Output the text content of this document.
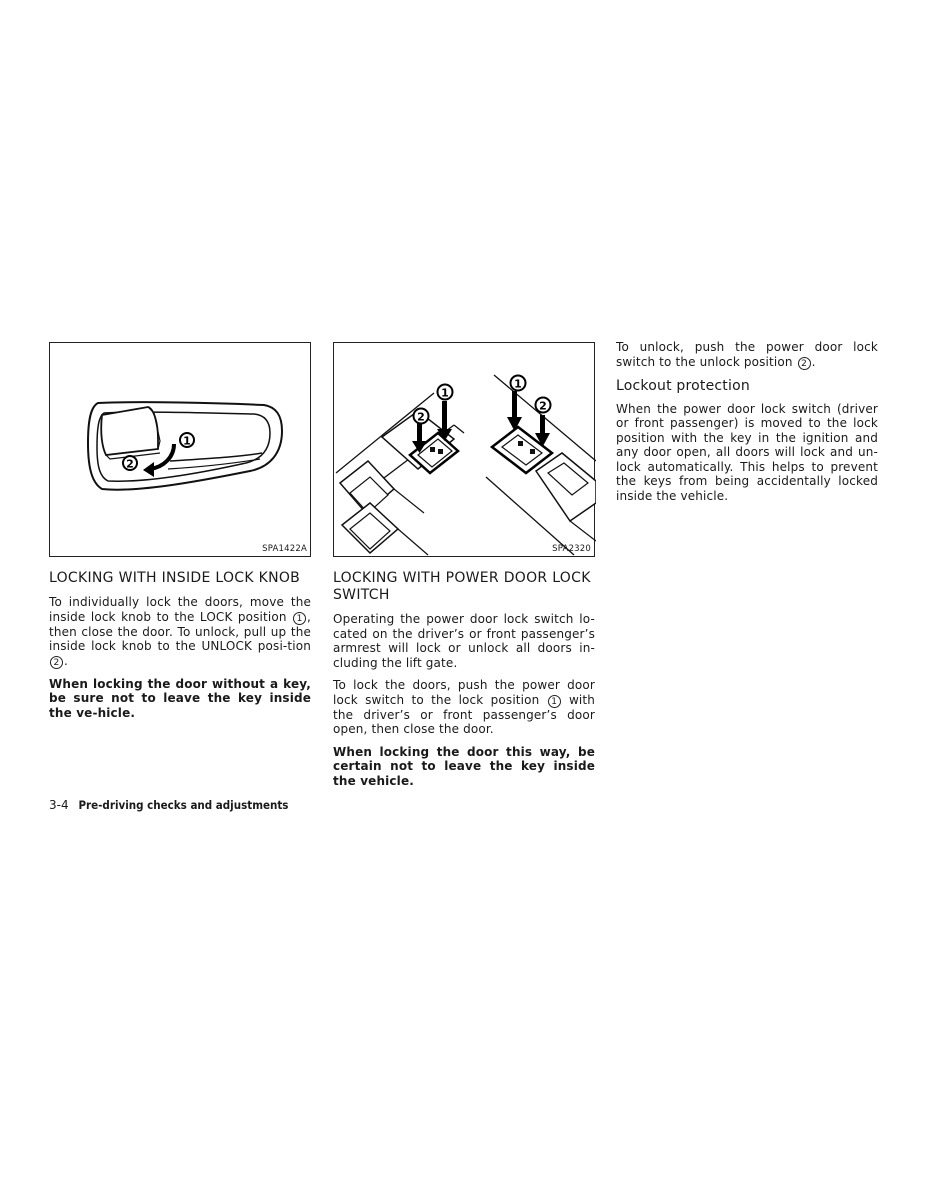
1
2
SPA1422A
1
2
1
2
SPA2320
LOCKING WITH INSIDE LOCK KNOB

To individually lock the doors, move the inside lock knob to the LOCK position 1 , then close the door. To unlock, pull up the inside lock knob to the UNLOCK posi-tion 2 .

When locking the door without a key, be sure not to leave the key inside the ve-hicle.

LOCKING WITH POWER DOOR LOCK SWITCH

Operating the power door lock switch lo-cated on the driver’s or front passenger’s armrest will lock or unlock all doors in-cluding the lift gate.

To lock the doors, push the power door lock switch to the lock position 1 with the driver’s or front passenger’s door open, then close the door.

When locking the door this way, be certain not to leave the key inside the vehicle.

To unlock, push the power door lock switch to the unlock position 2 .

Lockout protection

When the power door lock switch (driver or front passenger) is moved to the lock position with the key in the ignition and any door open, all doors will lock and un-lock automatically. This helps to prevent the keys from being accidentally locked inside the vehicle.

3-4 Pre-driving checks and adjustments
